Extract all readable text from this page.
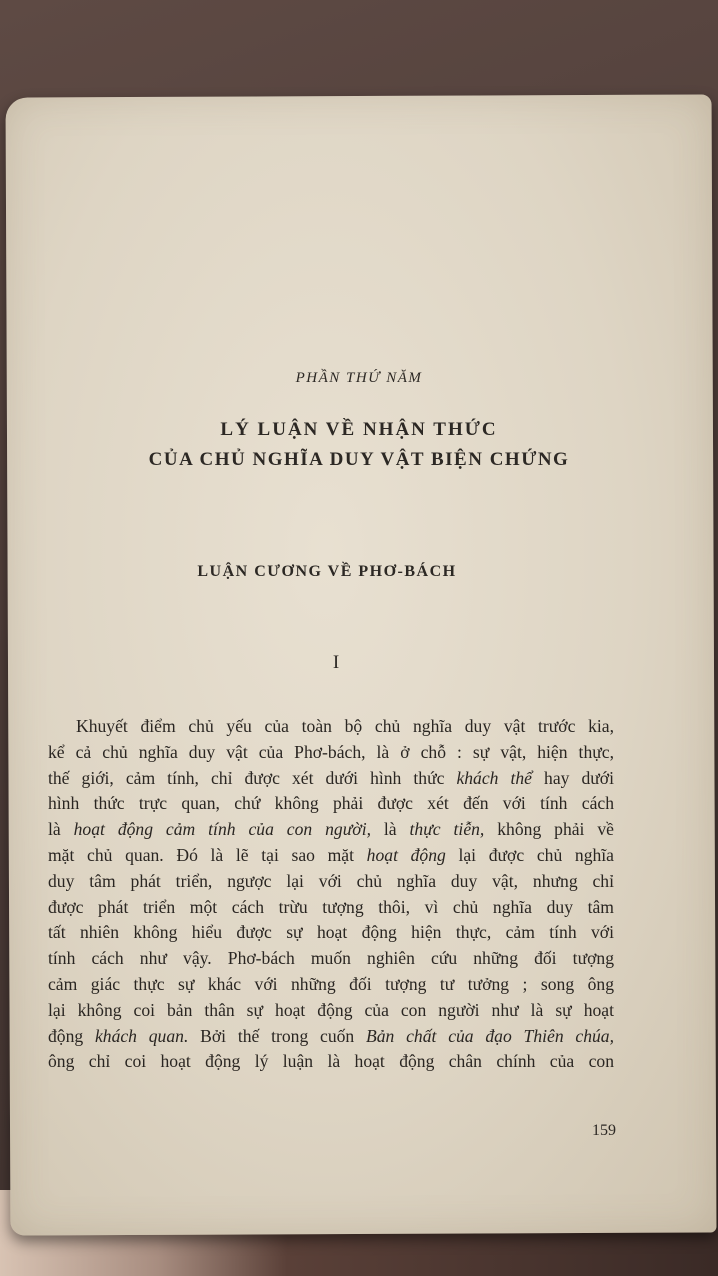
PHẦN THỨ NĂM
LÝ LUẬN VỀ NHẬN THỨC
CỦA CHỦ NGHĨA DUY VẬT BIỆN CHỨNG
LUẬN CƯƠNG VỀ PHƠ-BÁCH
I
Khuyết điểm chủ yếu của toàn bộ chủ nghĩa duy vật trước kia,
kể cả chủ nghĩa duy vật của Phơ-bách, là ở chỗ : sự vật, hiện thực,
thế giới, cảm tính, chỉ được xét dưới hình thức khách thể hay dưới
hình thức trực quan, chứ không phải được xét đến với tính cách
là hoạt động cảm tính của con người, là thực tiễn, không phải về
mặt chủ quan. Đó là lẽ tại sao mặt hoạt động lại được chủ nghĩa
duy tâm phát triển, ngược lại với chủ nghĩa duy vật, nhưng chỉ
được phát triển một cách trừu tượng thôi, vì chủ nghĩa duy tâm
tất nhiên không hiểu được sự hoạt động hiện thực, cảm tính với
tính cách như vậy. Phơ-bách muốn nghiên cứu những đối tượng
cảm giác thực sự khác với những đối tượng tư tưởng ; song ông
lại không coi bản thân sự hoạt động của con người như là sự hoạt
động khách quan. Bởi thế trong cuốn Bản chất của đạo Thiên chúa,
ông chỉ coi hoạt động lý luận là hoạt động chân chính của con
159
